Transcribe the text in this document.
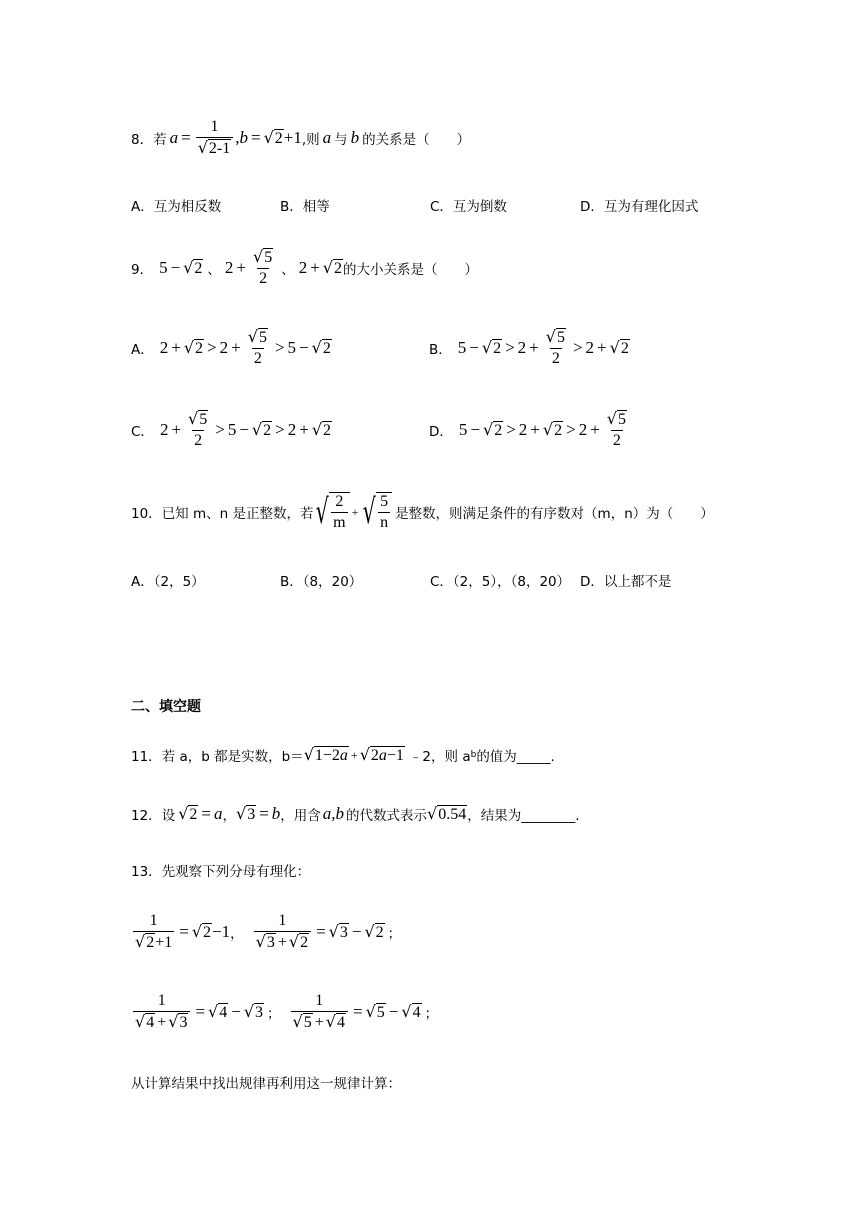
8． 若 $a = \frac{1}{√ 2-1}$ , b = √ 2 +1 ,则 a 与 b 的关系是（　　）
A．互为相反数	B．相等	C．互为倒数	D．互为有理化因式
9． 5 − √ 2 、 $2 + \frac{√ 5}{2}$ 、 2 + √ 2 的大小关系是（　　）
A． 2 + √ $2 > 2 + \frac{√ 5}{2} > 5$ − √ 2	B． 5 − √ $2 > 2 + \frac{√ 5}{2} > 2$ + √ 2
C． $2 + \frac{√ 5}{2} > 5$ − √ 2 > 2 + √ 2	D． 5 − √ 2 > 2 + √ $2 > 2 + \frac{√ 5}{2}$
10． 已知 m、n 是正整数，若 √ $\frac{2}{m}$ + √ $\frac{5}{n}$ 是整数，则满足条件的有序数对（m，n）为（　　）
A．（2，5）	B．（8，20）	C．（2，5），（8，20） D．以上都不是
二、填空题
11． 若 a，b 都是实数，b＝ √ 1−2a + √ 2a−1 ﹣2，则 a b 的值为_____.
12． 设 √ 2 = a ， √ 3 = b ，用含 a,b 的代数式表示 √ 0.54 ，结果为________.
13． 先观察下列分母有理化：
$\frac{1}{√ 2 +1}$ = √ 2 −1 ， $\frac{1}{√ 3 + √ 2}$ = √ 3 − √ 2 ；
$\frac{1}{√ 4 + √ 3}$ = √ 4 − √ 3 ； $\frac{1}{√ 5 + √ 4}$ = √ 5 − √ 4 ；
从计算结果中找出规律再利用这一规律计算：
